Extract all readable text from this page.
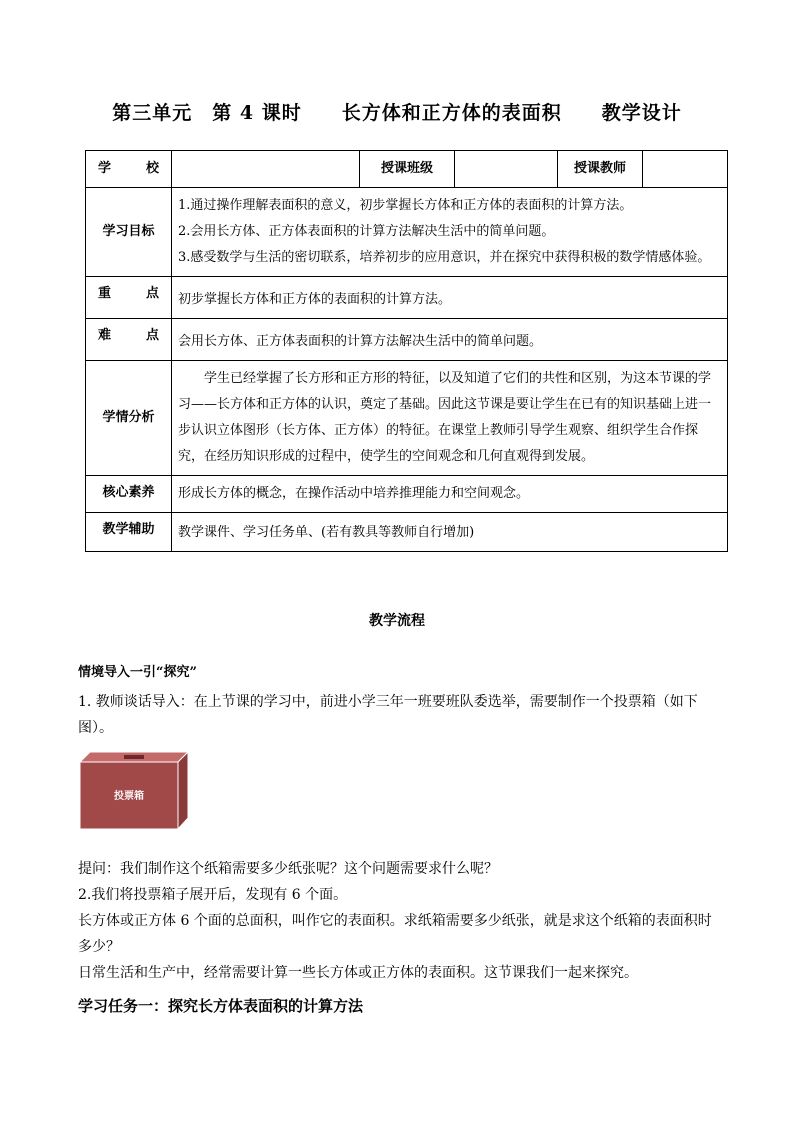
第三单元　第 4 课时　　长方体和正方体的表面积　　教学设计
学 校		授课班级		授课教师	
学习目标	1.通过操作理解表面积的意义，初步掌握长方体和正方体的表面积的计算方法。

2.会用长方体、正方体表面积的计算方法解决生活中的简单问题。

3.感受数学与生活的密切联系，培养初步的应用意识，并在探究中获得积极的数学情感体验。				

重 点	初步掌握长方体和正方体的表面积的计算方法。				

难 点	会用长方体、正方体表面积的计算方法解决生活中的简单问题。				
学情分析	学生已经掌握了长方形和正方形的特征，以及知道了它们的共性和区别，为这本节课的学习——长方体和正方体的认识，奠定了基础。因此这节课是要让学生在已有的知识基础上进一步认识立体图形（长方体、正方体）的特征。在课堂上教师引导学生观察、组织学生合作探究，在经历知识形成的过程中，使学生的空间观念和几何直观得到发展。				
核心素养	形成长方体的概念，在操作活动中培养推理能力和空间观念。				
教学辅助	教学课件、学习任务单、(若有教具等教师自行增加)				
教学流程
情境导入一引“探究”
1. 教师谈话导入：在上节课的学习中，前进小学三年一班要班队委选举，需要制作一个投票箱（如下图）。
投票箱
提问：我们制作这个纸箱需要多少纸张呢？这个问题需要求什么呢？
2.我们将投票箱子展开后，发现有 6 个面。
长方体或正方体 6 个面的总面积，叫作它的表面积。求纸箱需要多少纸张，就是求这个纸箱的表面积时多少？
日常生活和生产中，经常需要计算一些长方体或正方体的表面积。这节课我们一起来探究。
学习任务一：探究长方体表面积的计算方法
